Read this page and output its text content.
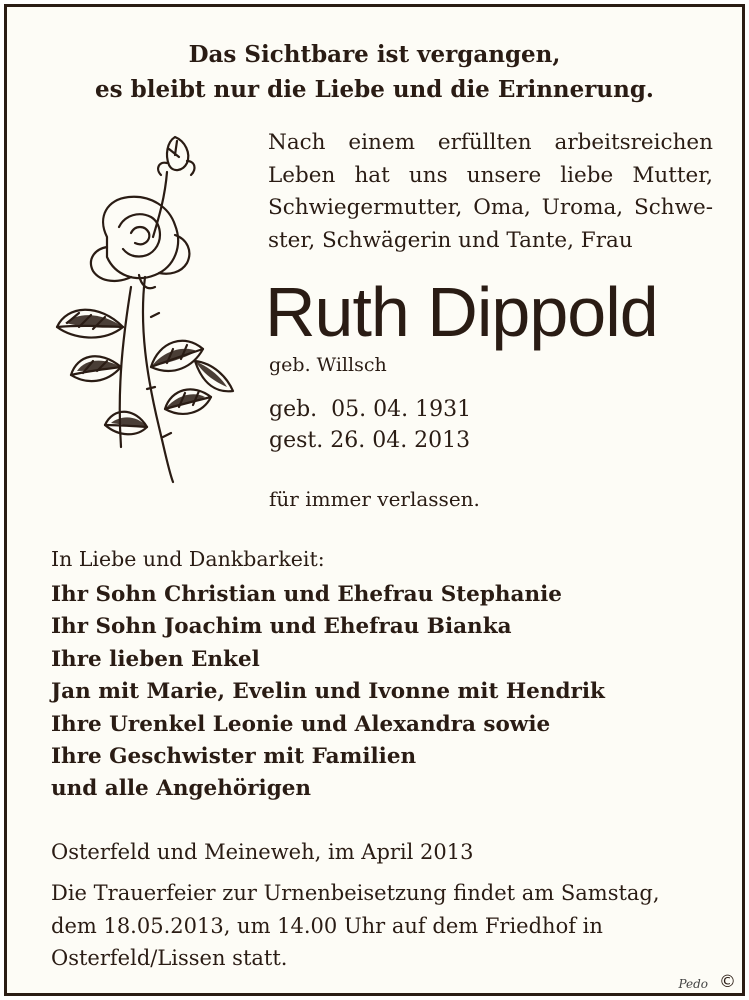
Das Sichtbare ist vergangen,
es bleibt nur die Liebe und die Erinnerung.
Nach einem erfüllten arbeitsreichen
Leben hat uns unsere liebe Mutter,
Schwiegermutter, Oma, Uroma, Schwe-
ster, Schwägerin und Tante, Frau
Ruth Dippold
geb. Willsch
geb.  05. 04. 1931
gest. 26. 04. 2013
für immer verlassen.
In Liebe und Dankbarkeit:
Ihr Sohn Christian und Ehefrau Stephanie
Ihr Sohn Joachim und Ehefrau Bianka
Ihre lieben Enkel
Jan mit Marie, Evelin und Ivonne mit Hendrik
Ihre Urenkel Leonie und Alexandra sowie
Ihre Geschwister mit Familien
und alle Angehörigen
Osterfeld und Meineweh, im April 2013
Die Trauerfeier zur Urnenbeisetzung findet am Samstag,
dem 18.05.2013, um 14.00 Uhr auf dem Friedhof in
Osterfeld/Lissen statt.
Pedo ©
